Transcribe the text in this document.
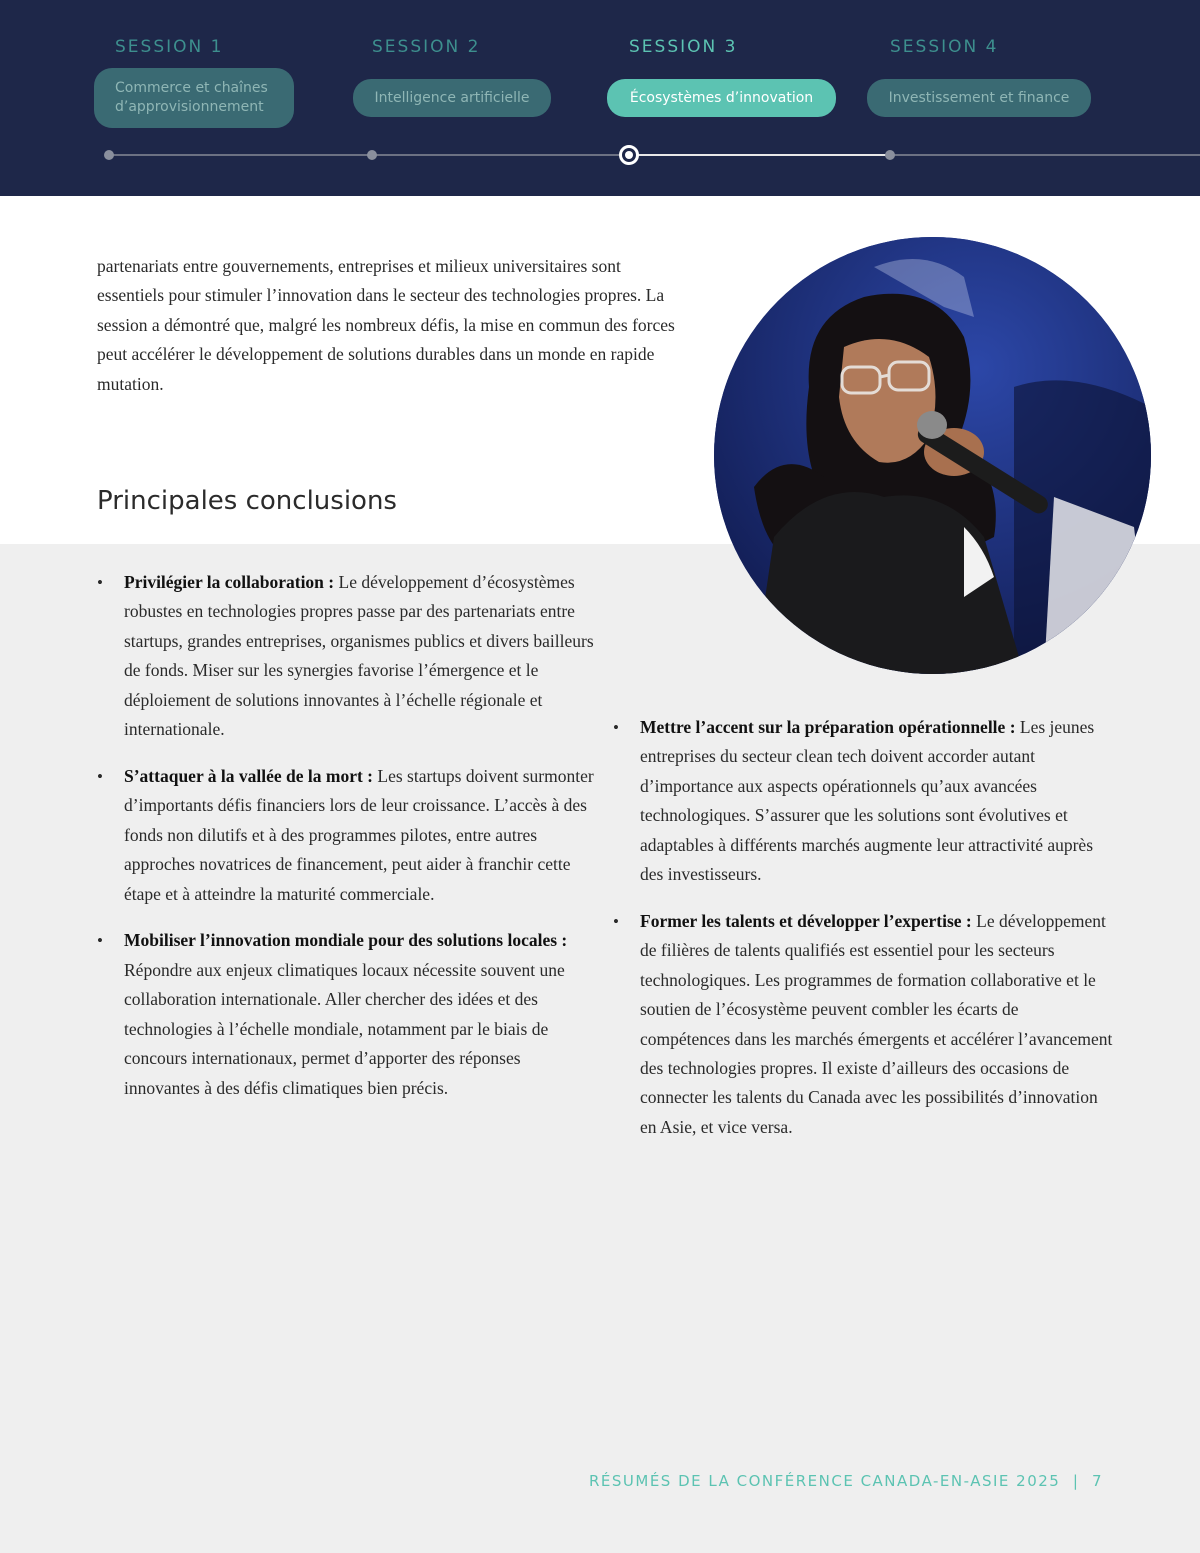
SESSION 1	SESSION 2	SESSION 3	SESSION 4
Commerce et chaînes
d’approvisionnement
Intelligence artificielle	Écosystèmes d’innovation	Investissement et finance

partenariats entre gouvernements, entreprises et milieux universitaires sont essentiels pour stimuler l’innovation dans le secteur des technologies propres. La session a démontré que, malgré les nombreux défis, la mise en commun des forces peut accélérer le développement de solutions durables dans un monde en rapide mutation.

Principales conclusions
• Privilégier la collaboration : Le développement d’écosystèmes robustes en technologies propres passe par des partenariats entre startups, grandes entreprises, organismes publics et divers bailleurs de fonds. Miser sur les synergies favorise l’émergence et le déploiement de solutions innovantes à l’échelle régionale et internationale.
• S’attaquer à la vallée de la mort : Les startups doivent surmonter d’importants défis financiers lors de leur croissance. L’accès à des fonds non dilutifs et à des programmes pilotes, entre autres approches novatrices de financement, peut aider à franchir cette étape et à atteindre la maturité commerciale.
• Mobiliser l’innovation mondiale pour des solutions locales : Répondre aux enjeux climatiques locaux nécessite souvent une collaboration internationale. Aller chercher des idées et des technologies à l’échelle mondiale, notamment par le biais de concours internationaux, permet d’apporter des réponses innovantes à des défis climatiques bien précis.
• Mettre l’accent sur la préparation opérationnelle : Les jeunes entreprises du secteur clean tech doivent accorder autant d’importance aux aspects opérationnels qu’aux avancées technologiques. S’assurer que les solutions sont évolutives et adaptables à différents marchés augmente leur attractivité auprès des investisseurs.
• Former les talents et développer l’expertise : Le développement de filières de talents qualifiés est essentiel pour les secteurs technologiques. Les programmes de formation collaborative et le soutien de l’écosystème peuvent combler les écarts de compétences dans les marchés émergents et accélérer l’avancement des technologies propres. Il existe d’ailleurs des occasions de connecter les talents du Canada avec les possibilités d’innovation en Asie, et vice versa.
RÉSUMÉS DE LA CONFÉRENCE CANADA-EN-ASIE 2025  |  7
